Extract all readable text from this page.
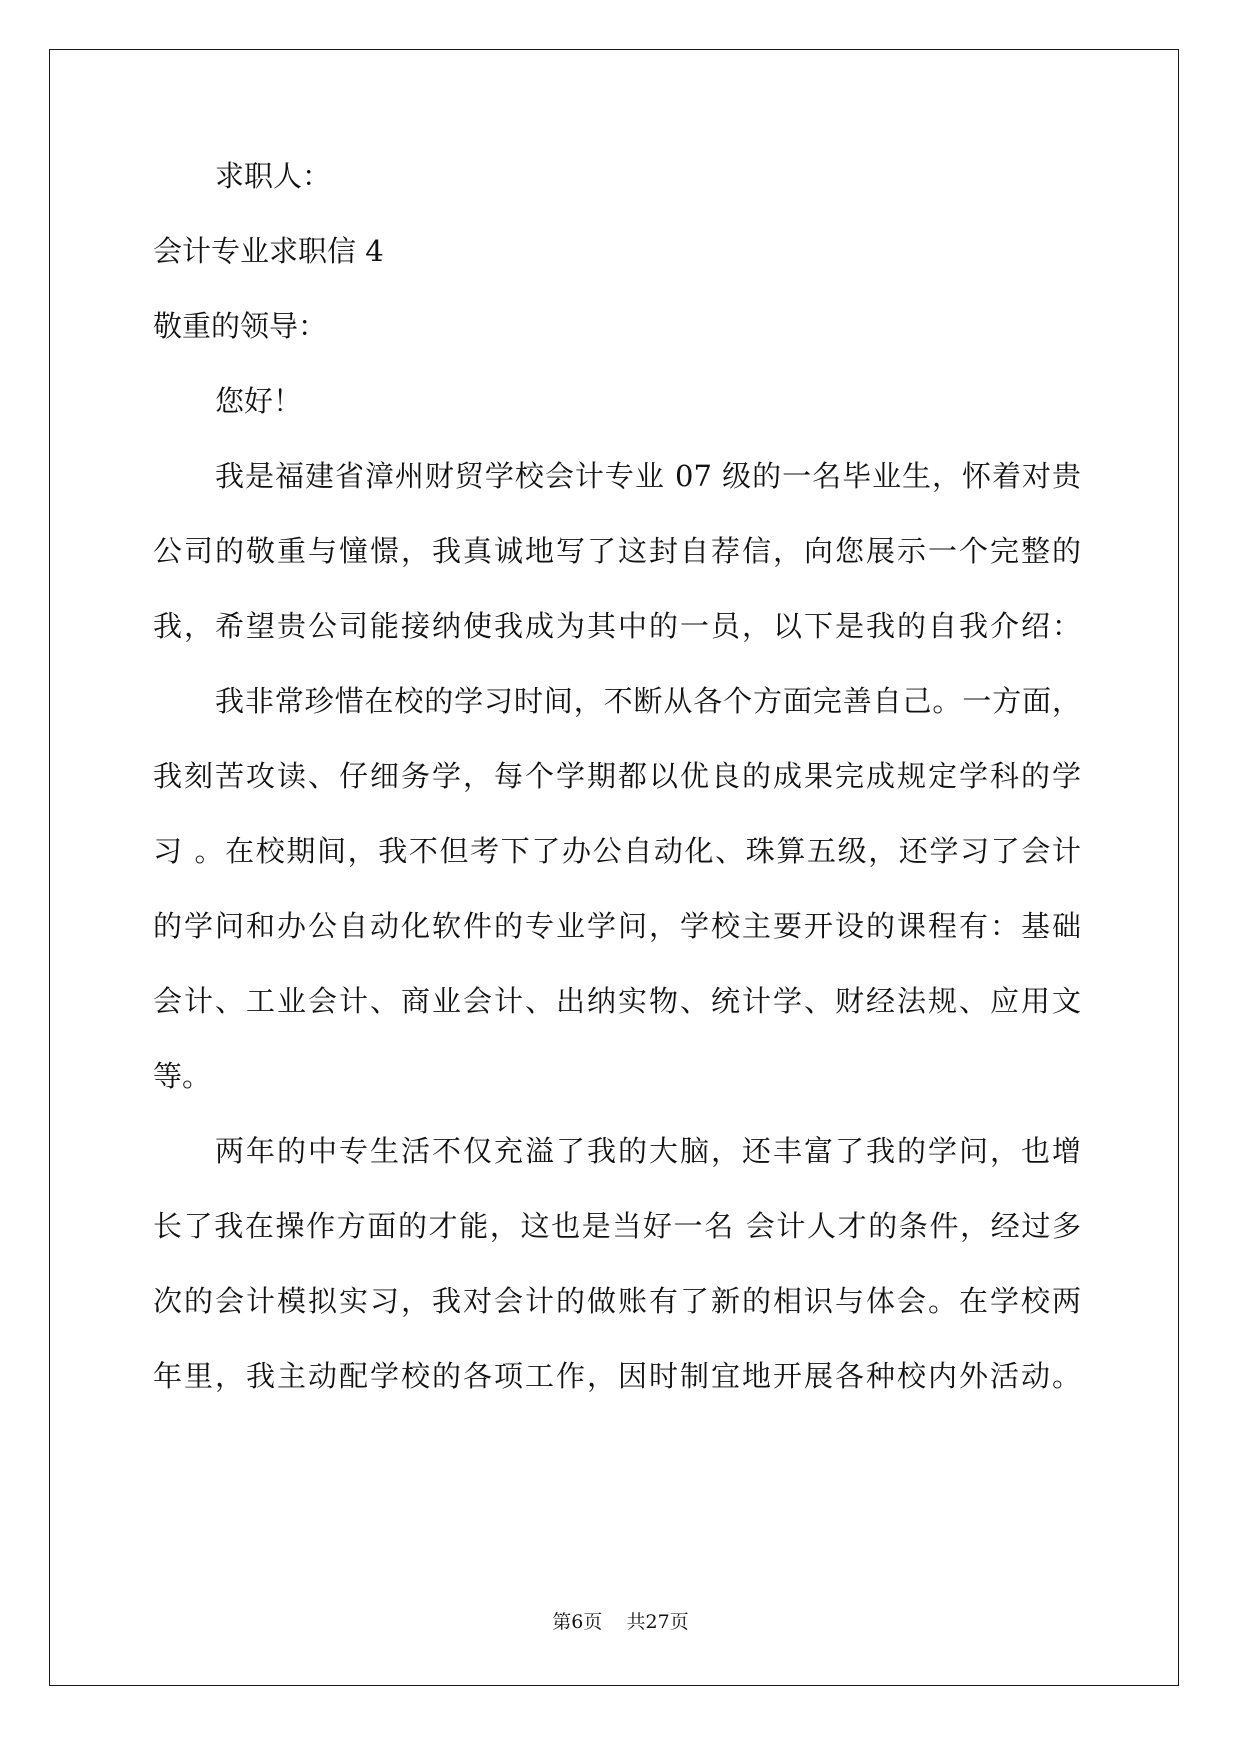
求职人：
会计专业求职信 4
敬重的领导：
您好！
我是福建省漳州财贸学校会计专业 07 级的一名毕业生，怀着对贵
公司的敬重与憧憬，我真诚地写了这封自荐信，向您展示一个完整的
我，希望贵公司能接纳使我成为其中的一员，以下是我的自我介绍：
我非常珍惜在校的学习时间，不断从各个方面完善自己。一方面，
我刻苦攻读、仔细务学，每个学期都以优良的成果完成规定学科的学
习 。在校期间，我不但考下了办公自动化、珠算五级，还学习了会计
的学问和办公自动化软件的专业学问，学校主要开设的课程有：基础
会计、工业会计、商业会计、出纳实物、统计学、财经法规、应用文
等。
两年的中专生活不仅充溢了我的大脑，还丰富了我的学问，也增
长了我在操作方面的才能，这也是当好一名 会计人才的条件，经过多
次的会计模拟实习，我对会计的做账有了新的相识与体会。在学校两
年里，我主动配学校的各项工作，因时制宜地开展各种校内外活动。
第6页 共27页
